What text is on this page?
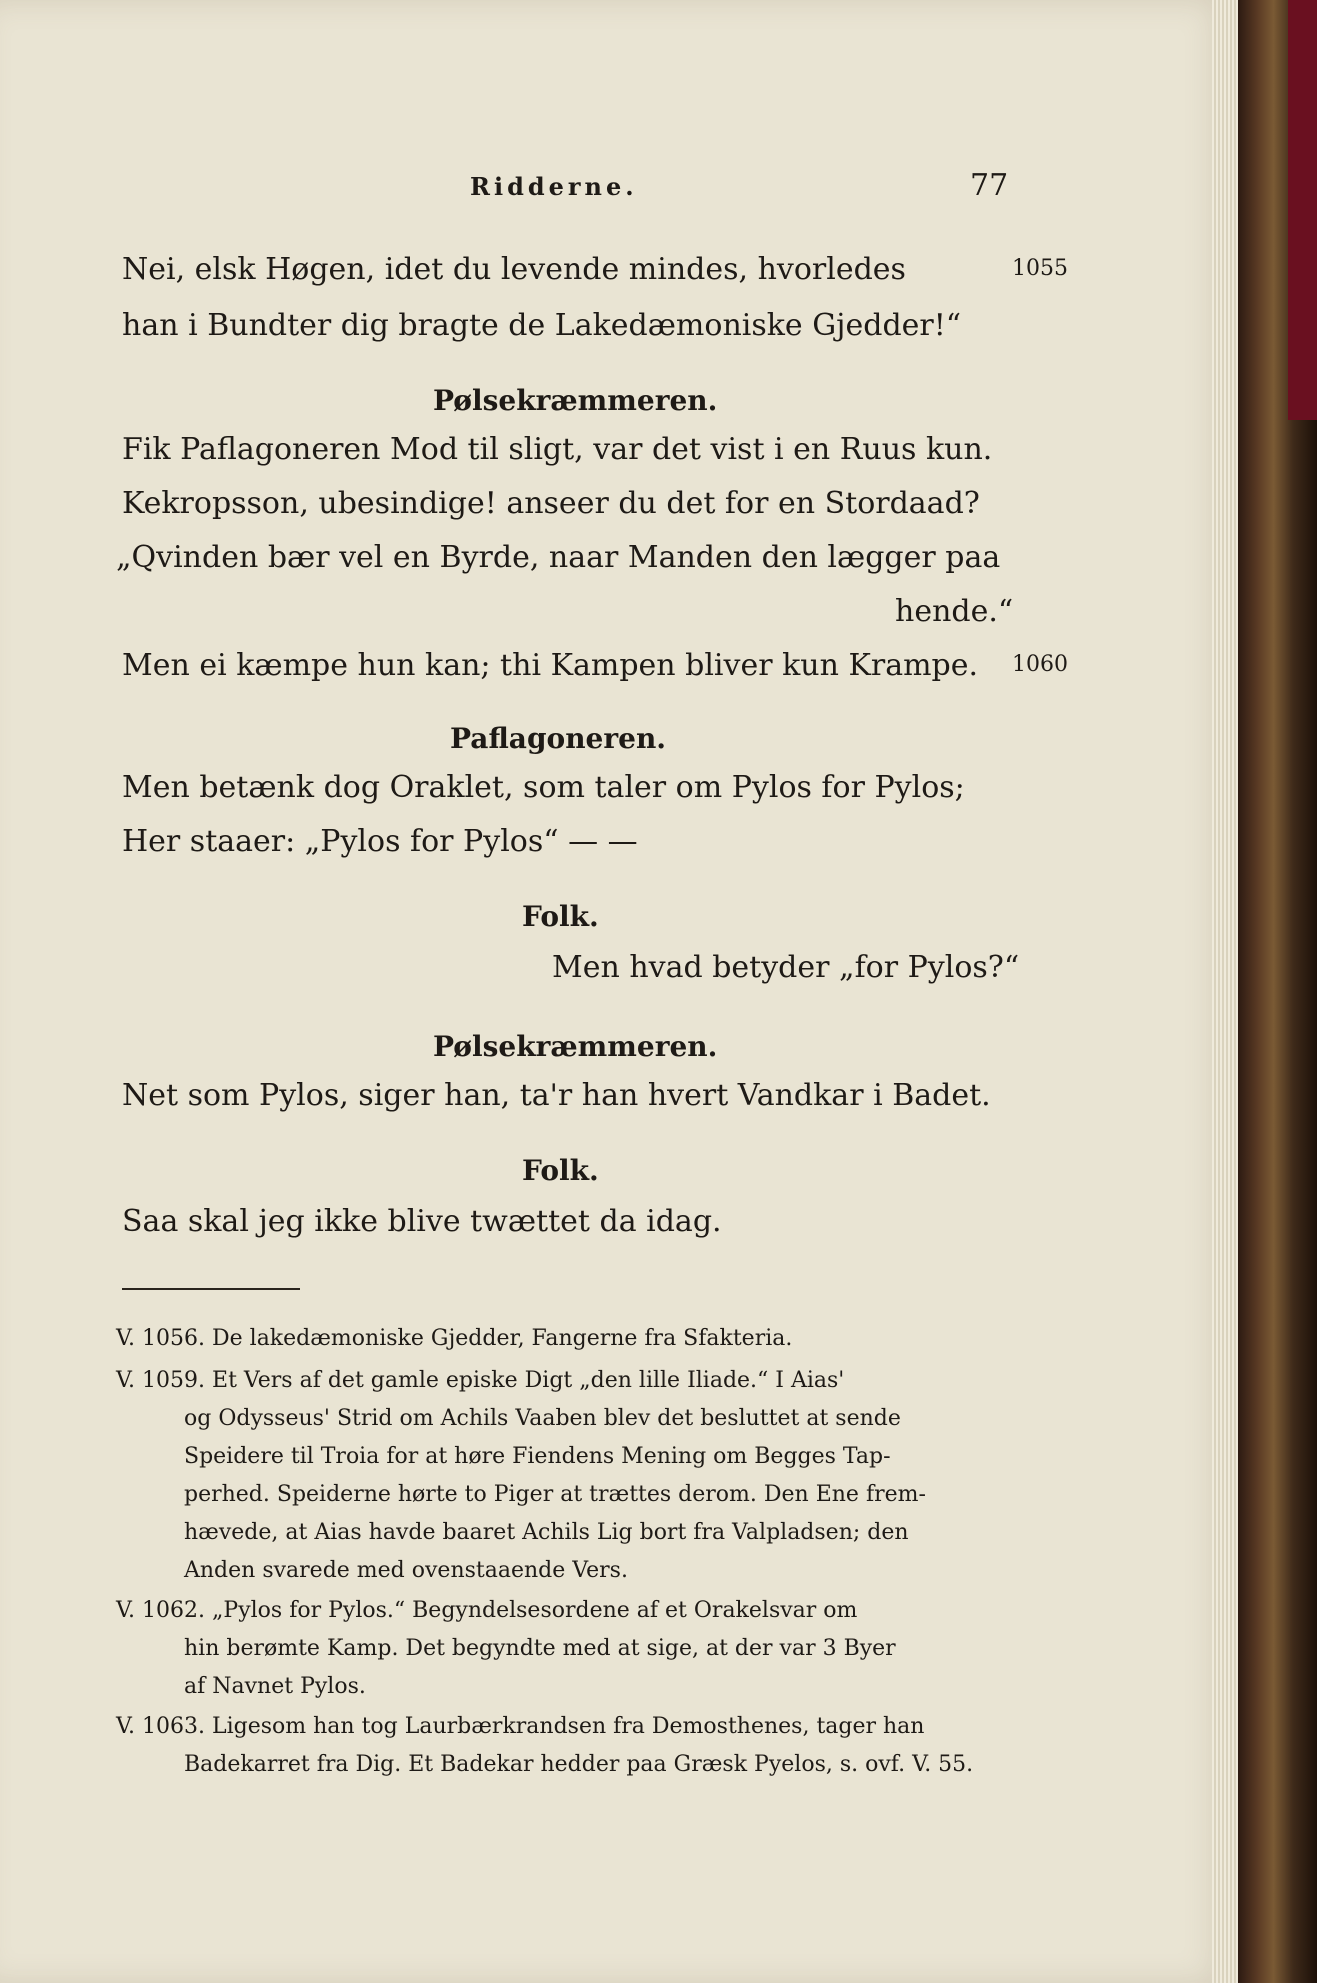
Ridderne.	77
Nei, elsk Høgen, idet du levende mindes, hvorledes	1055
han i Bundter dig bragte de Lakedæmoniske Gjedder!“
Pølsekræmmeren.
Fik Paflagoneren Mod til sligt, var det vist i en Ruus kun.
Kekropsson, ubesindige! anseer du det for en Stordaad?
„Qvinden bær vel en Byrde, naar Manden den lægger paa
hende.“
Men ei kæmpe hun kan; thi Kampen bliver kun Krampe. 1060
Paflagoneren.
Men betænk dog Oraklet, som taler om Pylos for Pylos;
Her staaer: „Pylos for Pylos“ — —
Folk.
Men hvad betyder „for Pylos?“
Pølsekræmmeren.
Net som Pylos, siger han, ta'r han hvert Vandkar i Badet.
Folk.
Saa skal jeg ikke blive twættet da idag.
V. 1056. De lakedæmoniske Gjedder, Fangerne fra Sfakteria.
V. 1059. Et Vers af det gamle episke Digt „den lille Iliade.“ I Aias'
og Odysseus' Strid om Achils Vaaben blev det besluttet at sende
Speidere til Troia for at høre Fiendens Mening om Begges Tap-
perhed. Speiderne hørte to Piger at trættes derom. Den Ene frem-
hævede, at Aias havde baaret Achils Lig bort fra Valpladsen; den
Anden svarede med ovenstaaende Vers.
V. 1062. „Pylos for Pylos.“ Begyndelsesordene af et Orakelsvar om
hin berømte Kamp. Det begyndte med at sige, at der var 3 Byer
af Navnet Pylos.
V. 1063. Ligesom han tog Laurbærkrandsen fra Demosthenes, tager han
Badekarret fra Dig. Et Badekar hedder paa Græsk Pyelos, s. ovf. V. 55.
